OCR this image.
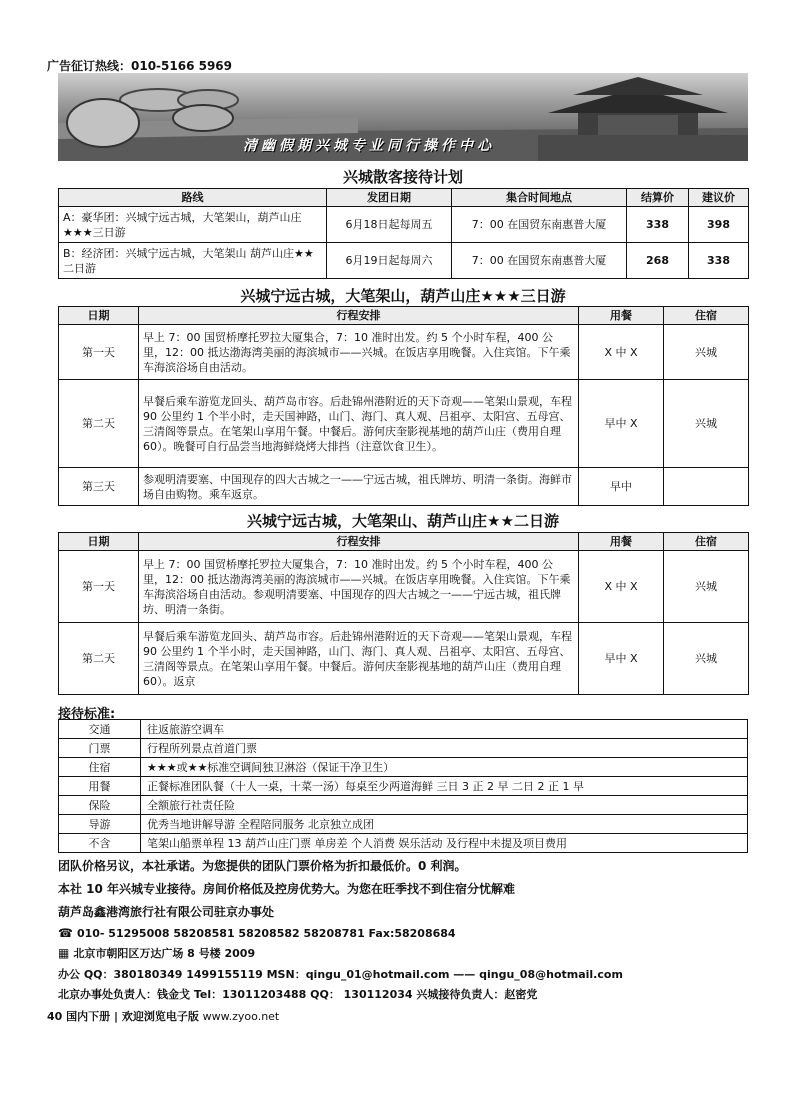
广告征订热线：010-5166 5969
清幽假期兴城专业同行操作中心
兴城散客接待计划
路线	发团日期	集合时间地点	结算价	建议价
A：豪华团：兴城宁远古城，大笔架山，葫芦山庄★★★三日游	6月18日起每周五	7：00 在国贸东南惠普大厦	338	398
B：经济团：兴城宁远古城，大笔架山 葫芦山庄★★二日游	6月19日起每周六	7：00 在国贸东南惠普大厦	268	338
兴城宁远古城，大笔架山，葫芦山庄★★★三日游
日期	行程安排	用餐	住宿
第一天	早上 7：00 国贸桥摩托罗拉大厦集合，7：10 准时出发。约 5 个小时车程，400 公里，12：00 抵达渤海湾美丽的海滨城市——兴城。在饭店享用晚餐。入住宾馆。下午乘车海滨浴场自由活动。	X 中 X	兴城
第二天	早餐后乘车游览龙回头、葫芦岛市容。后赴锦州港附近的天下奇观——笔架山景观，车程 90 公里约 1 个半小时，走天国神路，山门、海门、真人观、吕祖亭、太阳宫、五母宫、三清阁等景点。在笔架山享用午餐。中餐后。游何庆奎影视基地的葫芦山庄（费用自理 60）。晚餐可自行品尝当地海鲜烧烤大排挡（注意饮食卫生）。	早中 X	兴城
第三天	参观明清要塞、中国现存的四大古城之一——宁远古城，祖氏牌坊、明清一条街。海鲜市场自由购物。乘车返京。	早中	
兴城宁远古城，大笔架山、葫芦山庄★★二日游
日期	行程安排	用餐	住宿
第一天	早上 7：00 国贸桥摩托罗拉大厦集合，7：10 准时出发。约 5 个小时车程，400 公里，12：00 抵达渤海湾美丽的海滨城市——兴城。在饭店享用晚餐。入住宾馆。下午乘车海滨浴场自由活动。参观明清要塞、中国现存的四大古城之一——宁远古城，祖氏牌坊、明清一条街。	X 中 X	兴城
第二天	早餐后乘车游览龙回头、葫芦岛市容。后赴锦州港附近的天下奇观——笔架山景观，车程 90 公里约 1 个半小时，走天国神路，山门、海门、真人观、吕祖亭、太阳宫、五母宫、三清阁等景点。在笔架山享用午餐。中餐后。游何庆奎影视基地的葫芦山庄（费用自理 60）。返京	早中 X	兴城
接待标准:
交通	往返旅游空调车
门票	行程所列景点首道门票
住宿	★★★或★★标准空调间独卫淋浴（保证干净卫生）
用餐	正餐标准团队餐（十人一桌，十菜一汤）每桌至少两道海鲜 三日 3 正 2 早 二日 2 正 1 早
保险	全额旅行社责任险
导游	优秀当地讲解导游 全程陪同服务 北京独立成团
不含	笔架山船票单程 13 葫芦山庄门票 单房差 个人消费 娱乐活动 及行程中未提及项目费用
团队价格另议，本社承诺。为您提供的团队门票价格为折扣最低价。0 利润。
本社 10 年兴城专业接待。房间价格低及控房优势大。为您在旺季找不到住宿分忧解难
葫芦岛鑫港湾旅行社有限公司驻京办事处
☎ 010- 51295008 58208581 58208582 58208781 Fax:58208684
▦ 北京市朝阳区万达广场 8 号楼 2009
办公 QQ：380180349 1499155119 MSN：qingu_01@hotmail.com —— qingu_08@hotmail.com
北京办事处负责人：钱金戈 Tel：13011203488 QQ： 130112034 兴城接待负责人：赵密党
40 国内下册 | 欢迎浏览电子版 www.zyoo.net
